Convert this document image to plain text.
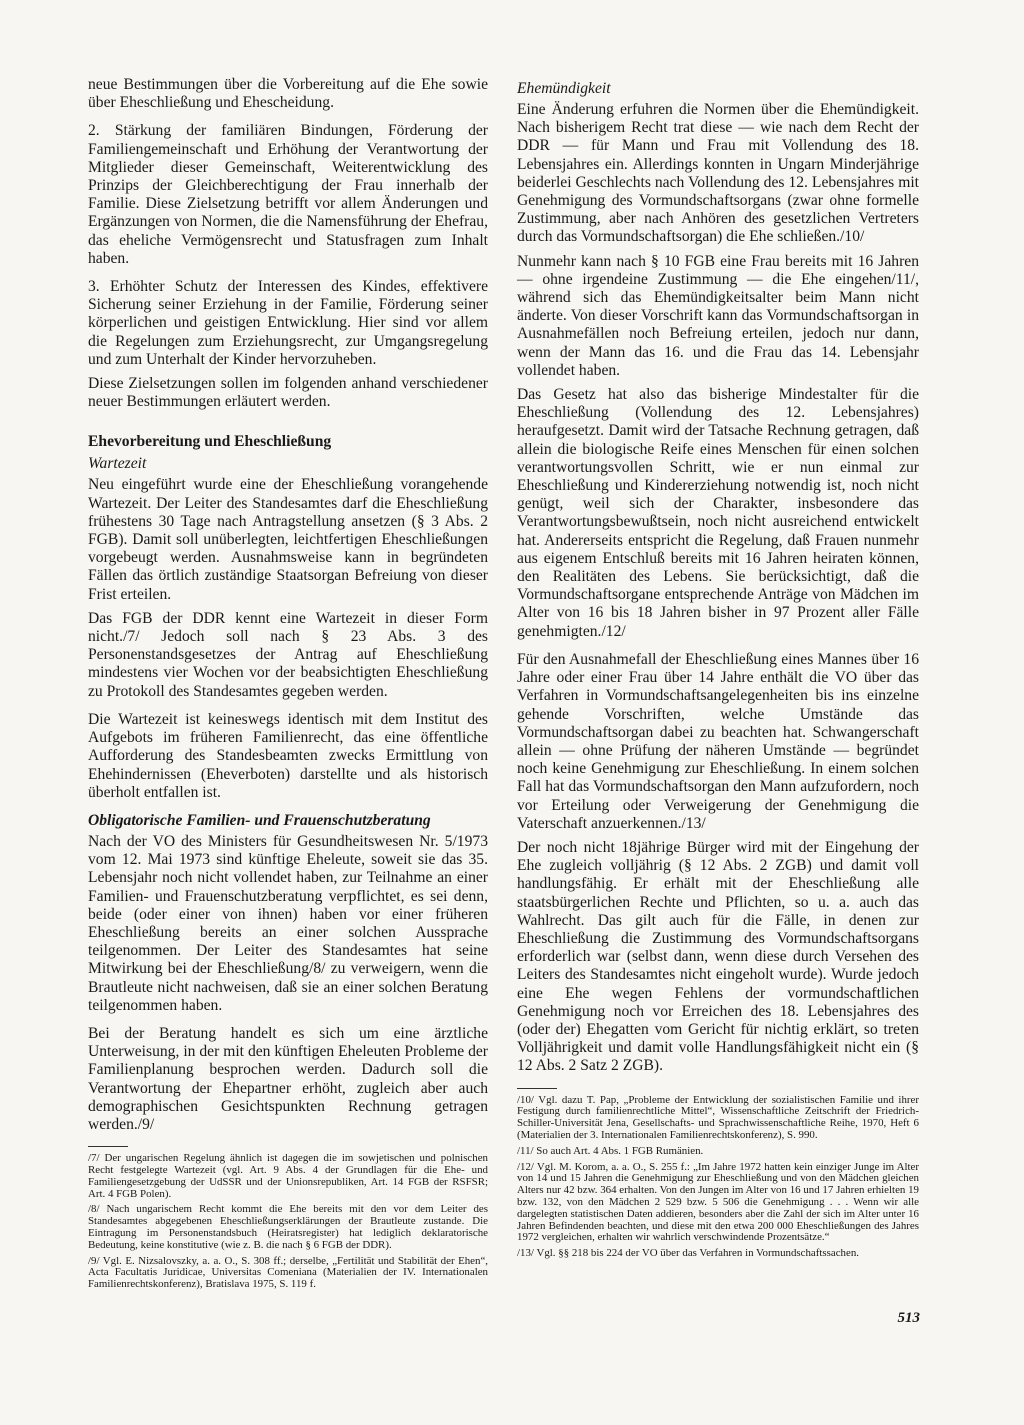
neue Bestimmungen über die Vorbereitung auf die Ehe sowie über Eheschließung und Ehescheidung.

2. Stärkung der familiären Bindungen, Förderung der Familiengemeinschaft und Erhöhung der Verantwortung der Mitglieder dieser Gemeinschaft, Weiterentwicklung des Prinzips der Gleichberechtigung der Frau innerhalb der Familie. Diese Zielsetzung betrifft vor allem Änderungen und Ergänzungen von Normen, die die Namensführung der Ehefrau, das eheliche Vermögensrecht und Statusfragen zum Inhalt haben.

3. Erhöhter Schutz der Interessen des Kindes, effektivere Sicherung seiner Erziehung in der Familie, Förderung seiner körperlichen und geistigen Entwicklung. Hier sind vor allem die Regelungen zum Erziehungsrecht, zur Umgangsregelung und zum Unterhalt der Kinder hervorzuheben.

Diese Zielsetzungen sollen im folgenden anhand verschiedener neuer Bestimmungen erläutert werden.

Ehevorbereitung und Eheschließung
Wartezeit

Neu eingeführt wurde eine der Eheschließung vorangehende Wartezeit. Der Leiter des Standesamtes darf die Eheschließung frühestens 30 Tage nach Antragstellung ansetzen (§ 3 Abs. 2 FGB). Damit soll unüberlegten, leichtfertigen Eheschließungen vorgebeugt werden. Ausnahmsweise kann in begründeten Fällen das örtlich zuständige Staatsorgan Befreiung von dieser Frist erteilen.

Das FGB der DDR kennt eine Wartezeit in dieser Form nicht./7/ Jedoch soll nach § 23 Abs. 3 des Personenstandsgesetzes der Antrag auf Eheschließung mindestens vier Wochen vor der beabsichtigten Eheschließung zu Protokoll des Standesamtes gegeben werden.

Die Wartezeit ist keineswegs identisch mit dem Institut des Aufgebots im früheren Familienrecht, das eine öffentliche Aufforderung des Standesbeamten zwecks Ermittlung von Ehehindernissen (Eheverboten) darstellte und als historisch überholt entfallen ist.

Obligatorische Familien- und Frauenschutzberatung

Nach der VO des Ministers für Gesundheitswesen Nr. 5/1973 vom 12. Mai 1973 sind künftige Eheleute, soweit sie das 35. Lebensjahr noch nicht vollendet haben, zur Teilnahme an einer Familien- und Frauenschutzberatung verpflichtet, es sei denn, beide (oder einer von ihnen) haben vor einer früheren Eheschließung bereits an einer solchen Aussprache teilgenommen. Der Leiter des Standesamtes hat seine Mitwirkung bei der Eheschließung/8/ zu verweigern, wenn die Brautleute nicht nachweisen, daß sie an einer solchen Beratung teilgenommen haben.

Bei der Beratung handelt es sich um eine ärztliche Unterweisung, in der mit den künftigen Eheleuten Probleme der Familienplanung besprochen werden. Dadurch soll die Verantwortung der Ehepartner erhöht, zugleich aber auch demographischen Gesichtspunkten Rechnung getragen werden./9/

/7/ Der ungarischen Regelung ähnlich ist dagegen die im sowjetischen und polnischen Recht festgelegte Wartezeit (vgl. Art. 9 Abs. 4 der Grundlagen für die Ehe- und Familiengesetzgebung der UdSSR und der Unionsrepubliken, Art. 14 FGB der RSFSR; Art. 4 FGB Polen).

/8/ Nach ungarischem Recht kommt die Ehe bereits mit den vor dem Leiter des Standesamtes abgegebenen Eheschließungserklärungen der Brautleute zustande. Die Eintragung im Personenstandsbuch (Heiratsregister) hat lediglich deklaratorische Bedeutung, keine konstitutive (wie z. B. die nach § 6 FGB der DDR).

/9/ Vgl. E. Nizsalovszky, a. a. O., S. 308 ff.; derselbe, „Fertilität und Stabilität der Ehen“, Acta Facultatis Juridicae, Universitas Comeniana (Materialien der IV. Internationalen Familienrechtskonferenz), Bratislava 1975, S. 119 f.

Ehemündigkeit

Eine Änderung erfuhren die Normen über die Ehemündigkeit. Nach bisherigem Recht trat diese — wie nach dem Recht der DDR — für Mann und Frau mit Vollendung des 18. Lebensjahres ein. Allerdings konnten in Ungarn Minderjährige beiderlei Geschlechts nach Vollendung des 12. Lebensjahres mit Genehmigung des Vormundschaftsorgans (zwar ohne formelle Zustimmung, aber nach Anhören des gesetzlichen Vertreters durch das Vormundschaftsorgan) die Ehe schließen./10/

Nunmehr kann nach § 10 FGB eine Frau bereits mit 16 Jahren — ohne irgendeine Zustimmung — die Ehe eingehen/11/, während sich das Ehemündigkeitsalter beim Mann nicht änderte. Von dieser Vorschrift kann das Vormundschaftsorgan in Ausnahmefällen noch Befreiung erteilen, jedoch nur dann, wenn der Mann das 16. und die Frau das 14. Lebensjahr vollendet haben.

Das Gesetz hat also das bisherige Mindestalter für die Eheschließung (Vollendung des 12. Lebensjahres) heraufgesetzt. Damit wird der Tatsache Rechnung getragen, daß allein die biologische Reife eines Menschen für einen solchen verantwortungsvollen Schritt, wie er nun einmal zur Eheschließung und Kindererziehung notwendig ist, noch nicht genügt, weil sich der Charakter, insbesondere das Verantwortungsbewußtsein, noch nicht ausreichend entwickelt hat. Andererseits entspricht die Regelung, daß Frauen nunmehr aus eigenem Entschluß bereits mit 16 Jahren heiraten können, den Realitäten des Lebens. Sie berücksichtigt, daß die Vormundschaftsorgane entsprechende Anträge von Mädchen im Alter von 16 bis 18 Jahren bisher in 97 Prozent aller Fälle genehmigten./12/

Für den Ausnahmefall der Eheschließung eines Mannes über 16 Jahre oder einer Frau über 14 Jahre enthält die VO über das Verfahren in Vormundschaftsangelegenheiten bis ins einzelne gehende Vorschriften, welche Umstände das Vormundschaftsorgan dabei zu beachten hat. Schwangerschaft allein — ohne Prüfung der näheren Umstände — begründet noch keine Genehmigung zur Eheschließung. In einem solchen Fall hat das Vormundschaftsorgan den Mann aufzufordern, noch vor Erteilung oder Verweigerung der Genehmigung die Vaterschaft anzuerkennen./13/

Der noch nicht 18jährige Bürger wird mit der Eingehung der Ehe zugleich volljährig (§ 12 Abs. 2 ZGB) und damit voll handlungsfähig. Er erhält mit der Eheschließung alle staatsbürgerlichen Rechte und Pflichten, so u. a. auch das Wahlrecht. Das gilt auch für die Fälle, in denen zur Eheschließung die Zustimmung des Vormundschaftsorgans erforderlich war (selbst dann, wenn diese durch Versehen des Leiters des Standesamtes nicht eingeholt wurde). Wurde jedoch eine Ehe wegen Fehlens der vormundschaftlichen Genehmigung noch vor Erreichen des 18. Lebensjahres des (oder der) Ehegatten vom Gericht für nichtig erklärt, so treten Volljährigkeit und damit volle Handlungsfähigkeit nicht ein (§ 12 Abs. 2 Satz 2 ZGB).

/10/ Vgl. dazu T. Pap, „Probleme der Entwicklung der sozialistischen Familie und ihrer Festigung durch familienrechtliche Mittel“, Wissenschaftliche Zeitschrift der Friedrich-Schiller-Universität Jena, Gesellschafts- und Sprachwissenschaftliche Reihe, 1970, Heft 6 (Materialien der 3. Internationalen Familienrechtskonferenz), S. 990.

/11/ So auch Art. 4 Abs. 1 FGB Rumänien.

/12/ Vgl. M. Korom, a. a. O., S. 255 f.: „Im Jahre 1972 hatten kein einziger Junge im Alter von 14 und 15 Jahren die Genehmigung zur Eheschließung und von den Mädchen gleichen Alters nur 42 bzw. 364 erhalten. Von den Jungen im Alter von 16 und 17 Jahren erhielten 19 bzw. 132, von den Mädchen 2 529 bzw. 5 506 die Genehmigung . . . Wenn wir alle dargelegten statistischen Daten addieren, besonders aber die Zahl der sich im Alter unter 16 Jahren Befindenden beachten, und diese mit den etwa 200 000 Eheschließungen des Jahres 1972 vergleichen, erhalten wir wahrlich verschwindende Prozentsätze.“

/13/ Vgl. §§ 218 bis 224 der VO über das Verfahren in Vormundschaftssachen.

513
